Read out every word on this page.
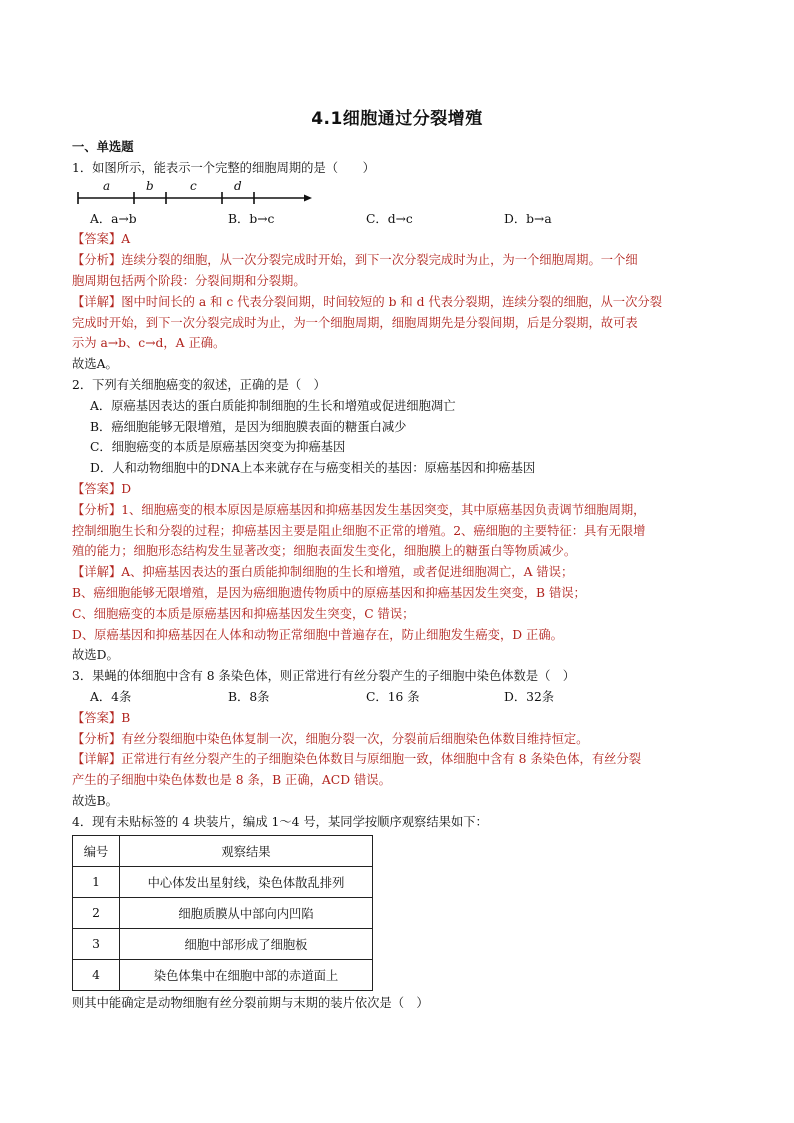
4.1细胞通过分裂增殖
一、单选题
1．如图所示，能表示一个完整的细胞周期的是（　　）
a	b	c	d
A．a→b	B．b→c	C．d→c	D．b→a
【答案】A
【分析】连续分裂的细胞，从一次分裂完成时开始，到下一次分裂完成时为止，为一个细胞周期。一个细
胞周期包括两个阶段：分裂间期和分裂期。
【详解】图中时间长的 a 和 c 代表分裂间期，时间较短的 b 和 d 代表分裂期，连续分裂的细胞，从一次分裂
完成时开始，到下一次分裂完成时为止，为一个细胞周期，细胞周期先是分裂间期，后是分裂期，故可表
示为 a→b、c→d，A 正确。
故选A。
2．下列有关细胞癌变的叙述，正确的是（　）
A．原癌基因表达的蛋白质能抑制细胞的生长和增殖或促进细胞凋亡
B．癌细胞能够无限增殖，是因为细胞膜表面的糖蛋白减少
C．细胞癌变的本质是原癌基因突变为抑癌基因
D．人和动物细胞中的DNA上本来就存在与癌变相关的基因：原癌基因和抑癌基因
【答案】D
【分析】1、细胞癌变的根本原因是原癌基因和抑癌基因发生基因突变，其中原癌基因负责调节细胞周期，
控制细胞生长和分裂的过程；抑癌基因主要是阻止细胞不正常的增殖。2、癌细胞的主要特征：具有无限增
殖的能力；细胞形态结构发生显著改变；细胞表面发生变化，细胞膜上的糖蛋白等物质减少。
【详解】A、抑癌基因表达的蛋白质能抑制细胞的生长和增殖，或者促进细胞凋亡，A 错误；
B、癌细胞能够无限增殖，是因为癌细胞遗传物质中的原癌基因和抑癌基因发生突变，B 错误；
C、细胞癌变的本质是原癌基因和抑癌基因发生突变，C 错误；
D、原癌基因和抑癌基因在人体和动物正常细胞中普遍存在，防止细胞发生癌变，D 正确。
故选D。
3．果蝇的体细胞中含有 8 条染色体，则正常进行有丝分裂产生的子细胞中染色体数是（　）
A．4条	B．8条	C．16 条	D．32条
【答案】B
【分析】有丝分裂细胞中染色体复制一次，细胞分裂一次，分裂前后细胞染色体数目维持恒定。
【详解】正常进行有丝分裂产生的子细胞染色体数目与原细胞一致，体细胞中含有 8 条染色体，有丝分裂
产生的子细胞中染色体数也是 8 条，B 正确，ACD 错误。
故选B。
4．现有未贴标签的 4 块装片，编成 1～4 号，某同学按顺序观察结果如下：
编号	观察结果
1	中心体发出星射线，染色体散乱排列
2	细胞质膜从中部向内凹陷
3	细胞中部形成了细胞板
4	染色体集中在细胞中部的赤道面上
则其中能确定是动物细胞有丝分裂前期与末期的装片依次是（　）
